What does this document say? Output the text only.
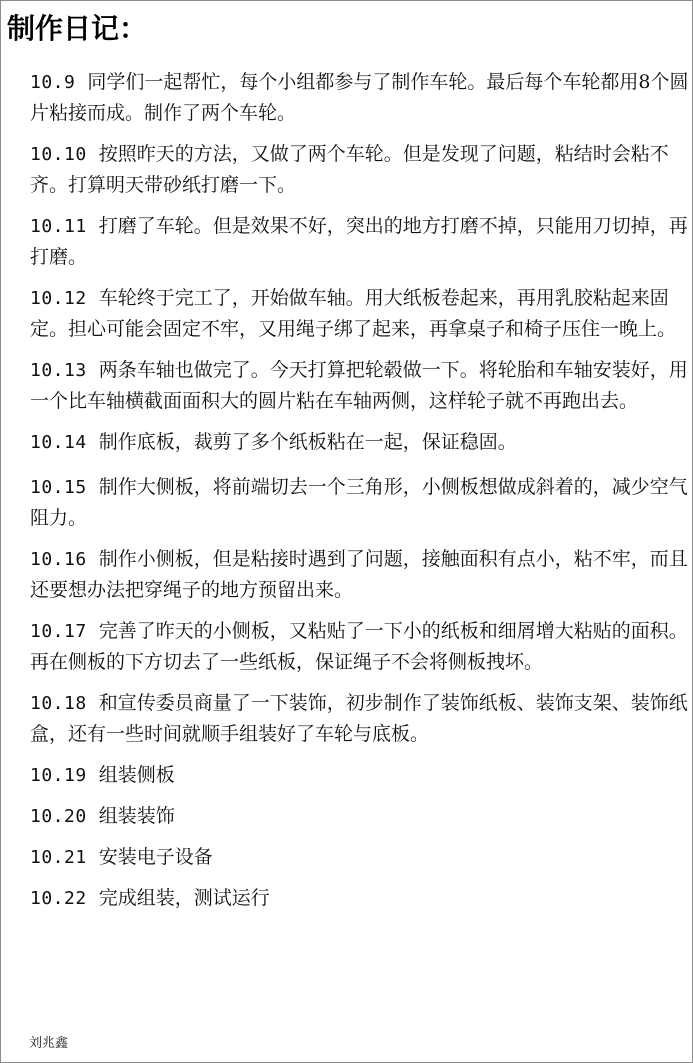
制作日记：
10.9 同学们一起帮忙，每个小组都参与了制作车轮。最后每个车轮都用8个圆片粘接而成。制作了两个车轮。
10.10 按照昨天的方法，又做了两个车轮。但是发现了问题，粘结时会粘不齐。打算明天带砂纸打磨一下。
10.11 打磨了车轮。但是效果不好，突出的地方打磨不掉，只能用刀切掉，再打磨。
10.12 车轮终于完工了，开始做车轴。用大纸板卷起来，再用乳胶粘起来固定。担心可能会固定不牢，又用绳子绑了起来，再拿桌子和椅子压住一晚上。
10.13 两条车轴也做完了。今天打算把轮毂做一下。将轮胎和车轴安装好，用一个比车轴横截面面积大的圆片粘在车轴两侧，这样轮子就不再跑出去。
10.14 制作底板，裁剪了多个纸板粘在一起，保证稳固。
10.15 制作大侧板，将前端切去一个三角形，小侧板想做成斜着的，减少空气阻力。
10.16 制作小侧板，但是粘接时遇到了问题，接触面积有点小，粘不牢，而且还要想办法把穿绳子的地方预留出来。
10.17 完善了昨天的小侧板，又粘贴了一下小的纸板和细屑增大粘贴的面积。再在侧板的下方切去了一些纸板，保证绳子不会将侧板拽坏。
10.18 和宣传委员商量了一下装饰，初步制作了装饰纸板、装饰支架、装饰纸盒，还有一些时间就顺手组装好了车轮与底板。
10.19 组装侧板
10.20 组装装饰
10.21 安装电子设备
10.22 完成组装，测试运行
刘兆鑫
